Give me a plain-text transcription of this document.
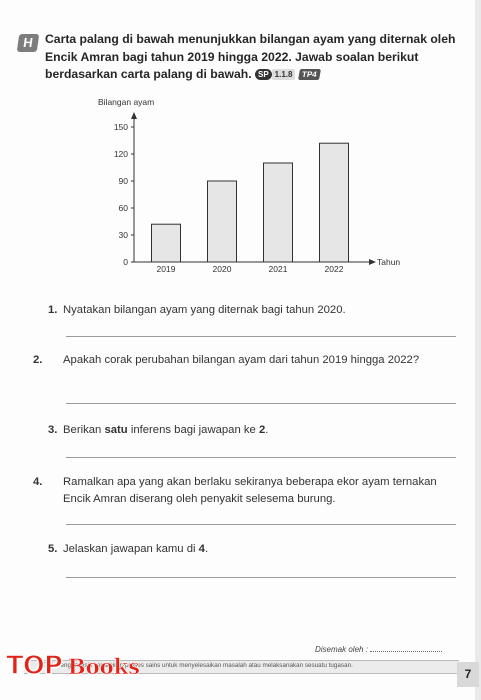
H Carta palang di bawah menunjukkan bilangan ayam yang diternak oleh Encik Amran bagi tahun 2019 hingga 2022. Jawab soalan berikut berdasarkan carta palang di bawah. SP 1.1.8 TP4
Bilangan ayam
Tahun
0
30
60
90
120
150
2019	2020	2021	2022
1. Nyatakan bilangan ayam yang diternak bagi tahun 2020.
2. Apakah corak perubahan bilangan ayam dari tahun 2019 hingga 2022?
3. Berikan satu inferens bagi jawapan ke 2.
4. Ramalkan apa yang akan berlaku sekiranya beberapa ekor ayam ternakan Encik Amran diserang oleh penyakit selesema burung.
5. Jelaskan jawapan kamu di 4.
Disemak oleh :
TP4 Menganalisis kemahiran proses sains untuk menyelesaikan masalah atau melaksanakan sesuatu tugasan.
7
TOP Books
